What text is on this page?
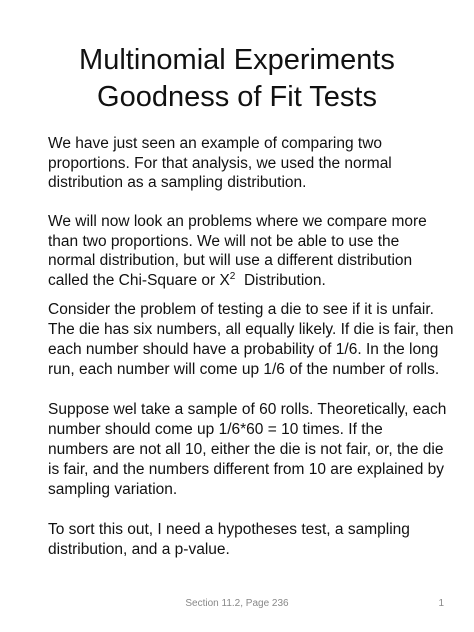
Multinomial Experiments
Goodness of Fit Tests

We have just seen an example of comparing two
proportions. For that analysis, we used the normal
distribution as a sampling distribution.

We will now look an problems where we compare more
than two proportions. We will not be able to use the
normal distribution, but will use a different distribution
called the Chi-Square or $X^2$  Distribution.

Consider the problem of testing a die to see if it is unfair.
The die has six numbers, all equally likely. If die is fair, then
each number should have a probability of 1/6. In the long
run, each number will come up 1/6 of the number of rolls.

Suppose wel take a sample of 60 rolls. Theoretically, each
number should come up 1/6*60 = 10 times. If the
numbers are not all 10, either the die is not fair, or, the die
is fair, and the numbers different from 10 are explained by
sampling variation.

To sort this out, I need a hypotheses test, a sampling
distribution, and a p-value.

Section 11.2, Page 236	1
